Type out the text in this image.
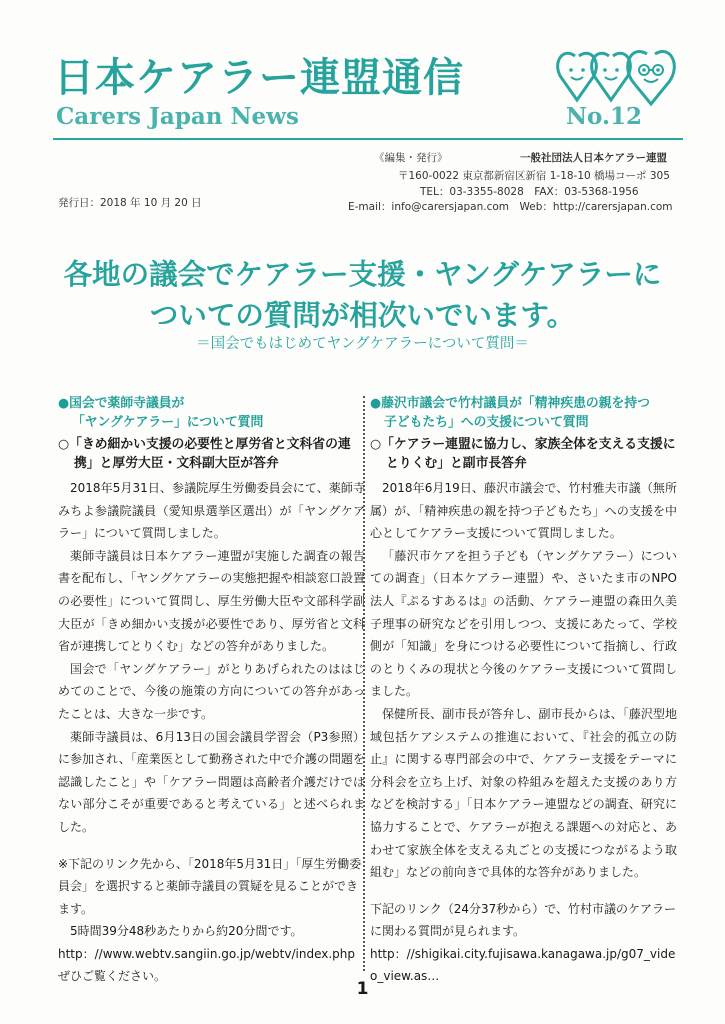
日本ケアラー連盟通信
Carers Japan News	No.12
《編集・発行》	一般社団法人日本ケアラー連盟
〒160-0022 東京都新宿区新宿 1-18-10 橋場コーポ 305
TEL：03-3355-8028　FAX：03-5368-1956
発行日：2018 年 10 月 20 日	E-mail：info@carersjapan.com　Web：http://carersjapan.com
各地の議会でケアラー支援・ヤングケアラーに
ついての質問が相次いでいます。
＝国会でもはじめてヤングケアラーについて質問＝
●国会で薬師寺議員が
「ヤングケアラー」について質問
○「きめ細かい支援の必要性と厚労省と文科省の連携」と厚労大臣・文科副大臣が答弁

2018年5月31日、参議院厚生労働委員会にて、薬師寺みちよ参議院議員（愛知県選挙区選出）が「ヤングケアラー」について質問しました。

薬師寺議員は日本ケアラー連盟が実施した調査の報告書を配布し、「ヤングケアラーの実態把握や相談窓口設置の必要性」について質問し、厚生労働大臣や文部科学副大臣が「きめ細かい支援が必要性であり、厚労省と文科省が連携してとりくむ」などの答弁がありました。

国会で「ヤングケアラー」がとりあげられたのははじめてのことで、今後の施策の方向についての答弁があったことは、大きな一歩です。

薬師寺議員は、6月13日の国会議員学習会（P3参照）に参加され、「産業医として勤務された中で介護の問題を認識したこと」や「ケアラー問題は高齢者介護だけではない部分こそが重要であると考えている」と述べられました。

※下記のリンク先から、「2018年5月31日」「厚生労働委員会」を選択すると薬師寺議員の質疑を見ることができます。

5時間39分48秒あたりから約20分間です。

http：//www.webtv.sangiin.go.jp/webtv/index.php ぜひご覧ください。

●藤沢市議会で竹村議員が「精神疾患の親を持つ
子どもたち」への支援について質問
○「ケアラー連盟に協力し、家族全体を支える支援にとりくむ」と副市長答弁

2018年6月19日、藤沢市議会で、竹村雅夫市議（無所属）が、「精神疾患の親を持つ子どもたち」への支援を中心としてケアラー支援について質問しました。

「藤沢市ケアを担う子ども（ヤングケアラー）についての調査」（日本ケアラー連盟）や、さいたま市のNPO法人『ぷるすあるは』の活動、ケアラー連盟の森田久美子理事の研究などを引用しつつ、支援にあたって、学校側が「知識」を身につける必要性について指摘し、行政のとりくみの現状と今後のケアラー支援について質問しました。

保健所長、副市長が答弁し、副市長からは、「藤沢型地域包括ケアシステムの推進において、『社会的孤立の防止』に関する専門部会の中で、ケアラー支援をテーマに分科会を立ち上げ、対象の枠組みを超えた支援のあり方などを検討する」「日本ケアラー連盟などの調査、研究に協力することで、ケアラーが抱える課題への対応と、あわせて家族全体を支える丸ごとの支援につながるよう取組む」などの前向きで具体的な答弁がありました。

下記のリンク（24分37秒から）で、竹村市議のケアラーに関わる質問が見られます。

http：//shigikai.city.fujisawa.kanagawa.jp/g07_video_view.as…

1
